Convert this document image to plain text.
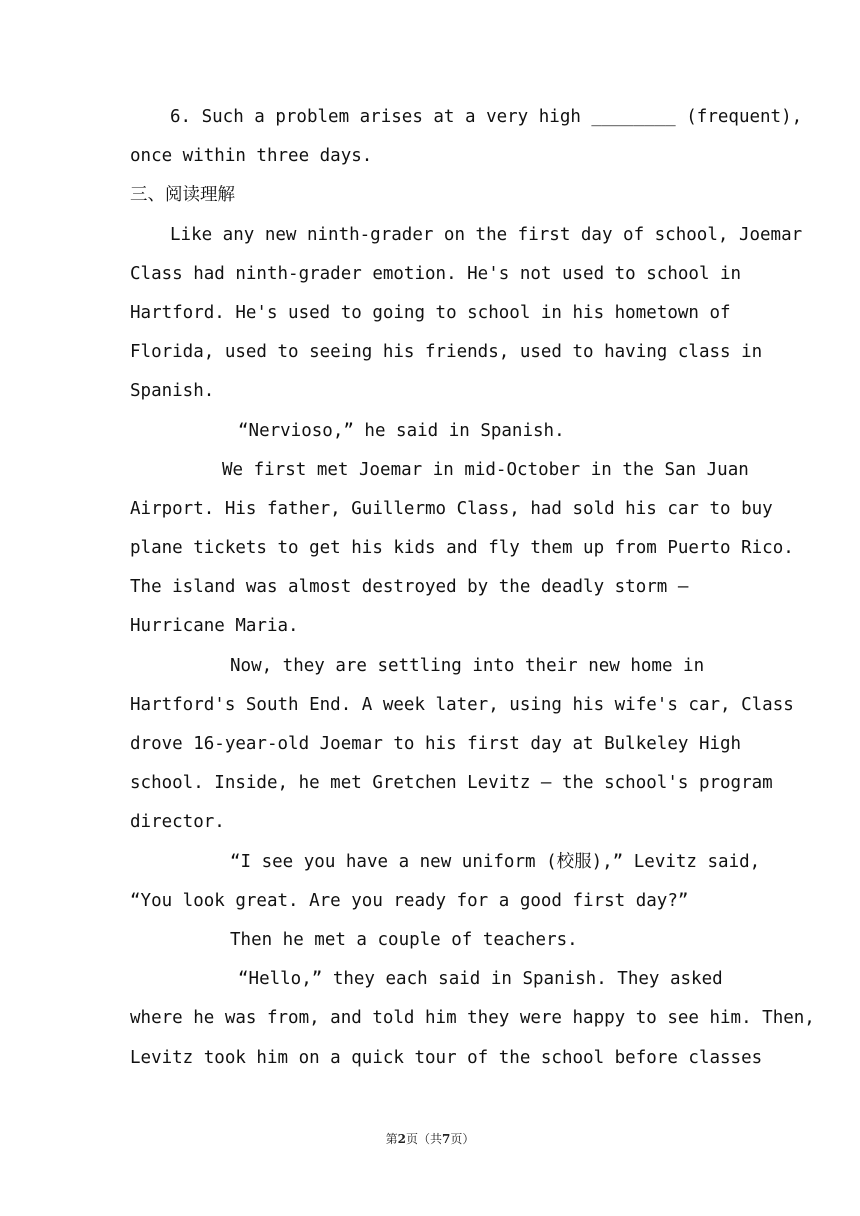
6. Such a problem arises at a very high ________ (frequent),
once within three days.
三、阅读理解
Like any new ninth-grader on the first day of school, Joemar
Class had ninth-grader emotion. He's not used to school in
Hartford. He's used to going to school in his hometown of
Florida, used to seeing his friends, used to having class in
Spanish.
“Nervioso,” he said in Spanish.
We first met Joemar in mid-October in the San Juan
Airport. His father, Guillermo Class, had sold his car to buy
plane tickets to get his kids and fly them up from Puerto Rico.
The island was almost destroyed by the deadly storm —
Hurricane Maria.
Now, they are settling into their new home in
Hartford's South End. A week later, using his wife's car, Class
drove 16-year-old Joemar to his first day at Bulkeley High
school. Inside, he met Gretchen Levitz — the school's program
director.
“I see you have a new uniform (校服),” Levitz said,
“You look great. Are you ready for a good first day?”
Then he met a couple of teachers.
“Hello,” they each said in Spanish. They asked
where he was from, and told him they were happy to see him. Then,
Levitz took him on a quick tour of the school before classes
第2页（共7页）
